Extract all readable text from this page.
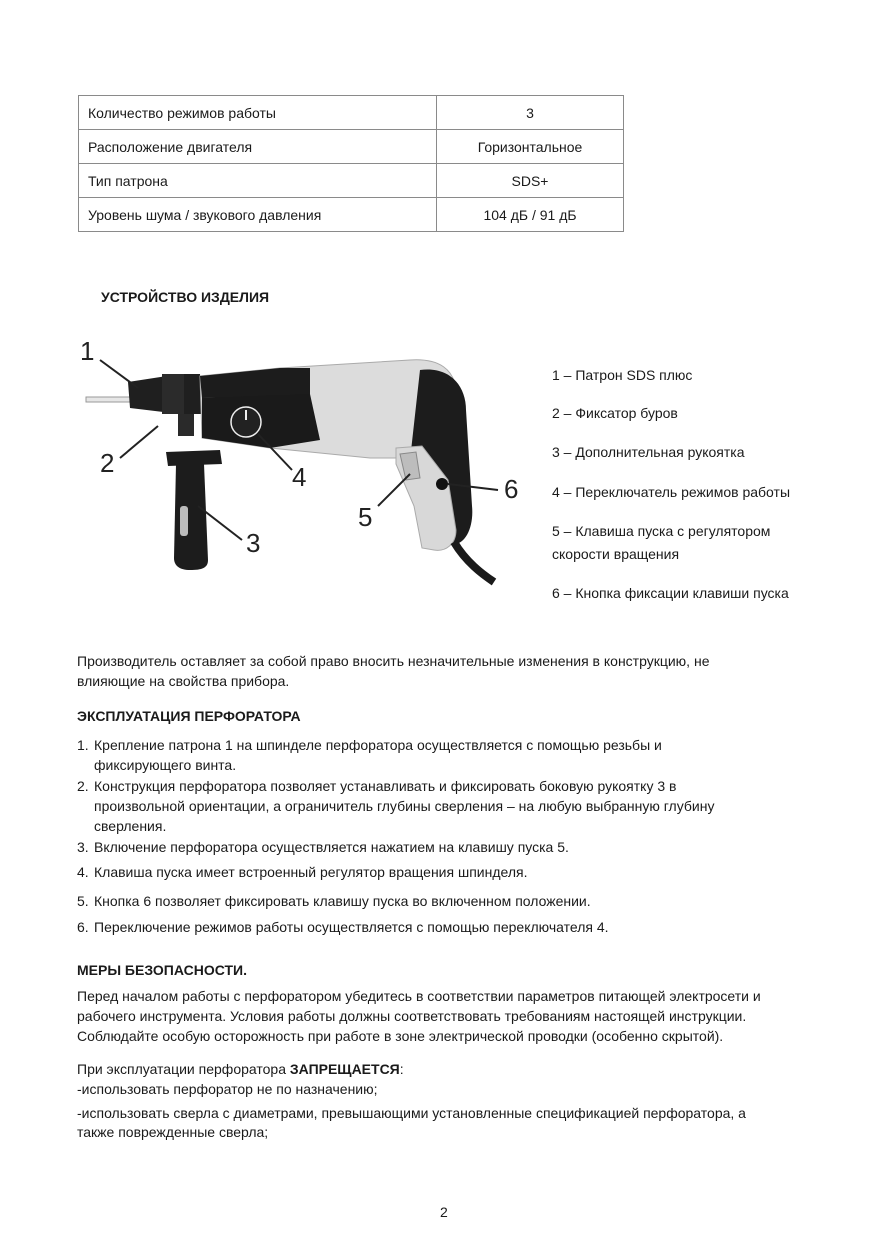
Количество режимов работы	3
Расположение двигателя	Горизонтальное
Тип патрона	SDS+
Уровень шума / звукового давления	104 дБ / 91 дБ
УСТРОЙСТВО ИЗДЕЛИЯ
1
2
3
4
5
6
1 – Патрон SDS плюс
2 – Фиксатор буров
3 – Дополнительная рукоятка
4 – Переключатель режимов работы
5 – Клавиша пуска с регулятором
скорости вращения
6 – Кнопка фиксации клавиши пуска
Производитель оставляет за собой право вносить незначительные изменения в конструкцию, не
влияющие на свойства прибора.
ЭКСПЛУАТАЦИЯ ПЕРФОРАТОРА
1. Крепление патрона 1 на шпинделе перфоратора осуществляется с помощью резьбы и
фиксирующего винта.
2. Конструкция перфоратора позволяет устанавливать и фиксировать боковую рукоятку 3 в
произвольной ориентации, а ограничитель глубины сверления – на любую выбранную глубину
сверления.
3. Включение перфоратора осуществляется нажатием на клавишу пуска 5.
4. Клавиша пуска имеет встроенный регулятор вращения шпинделя.
5. Кнопка 6 позволяет фиксировать клавишу пуска во включенном положении.
6. Переключение режимов работы осуществляется с помощью переключателя 4.
МЕРЫ БЕЗОПАСНОСТИ.
Перед началом работы с перфоратором убедитесь в соответствии параметров питающей электросети и
рабочего инструмента. Условия работы должны соответствовать требованиям настоящей инструкции.
Соблюдайте особую осторожность при работе в зоне электрической проводки (особенно скрытой).
При эксплуатации перфоратора ЗАПРЕЩАЕТСЯ:
-использовать перфоратор не по назначению;
-использовать сверла с диаметрами, превышающими установленные спецификацией перфоратора, а
также поврежденные сверла;
2
